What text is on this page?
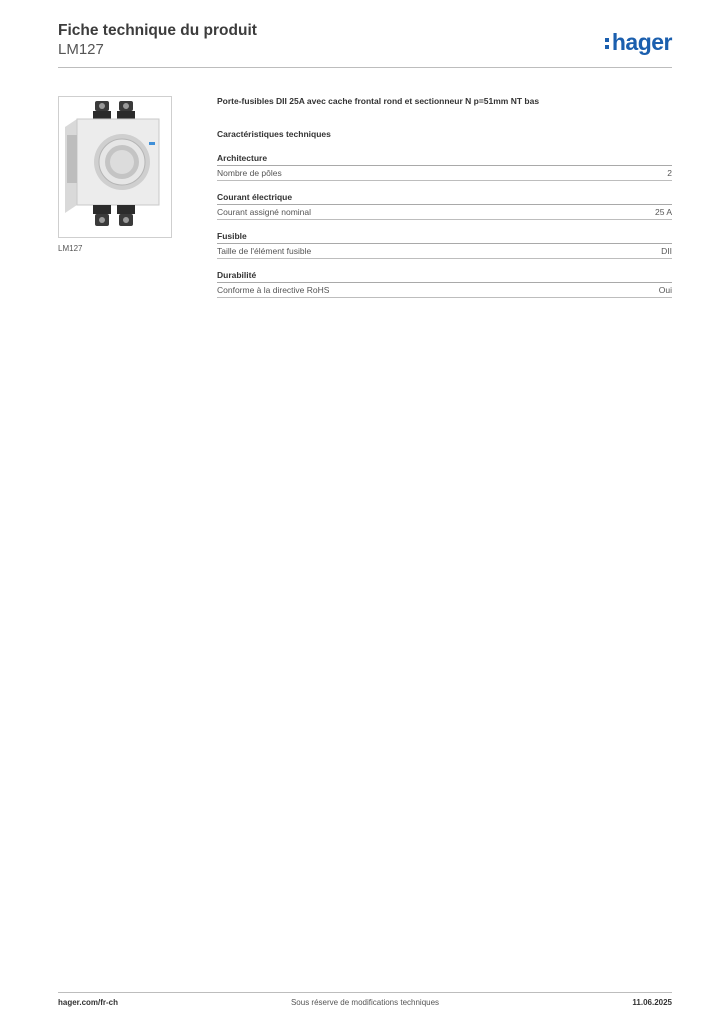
Fiche technique du produit
LM127	hager
LM127
Porte-fusibles DII 25A avec cache frontal rond et sectionneur N p=51mm NT bas
Caractéristiques techniques
Architecture
Nombre de pôles	2
Courant électrique
Courant assigné nominal	25 A
Fusible
Taille de l'élément fusible	DII
Durabilité
Conforme à la directive RoHS	Oui
hager.com/fr-ch	Sous réserve de modifications techniques	11.06.2025
